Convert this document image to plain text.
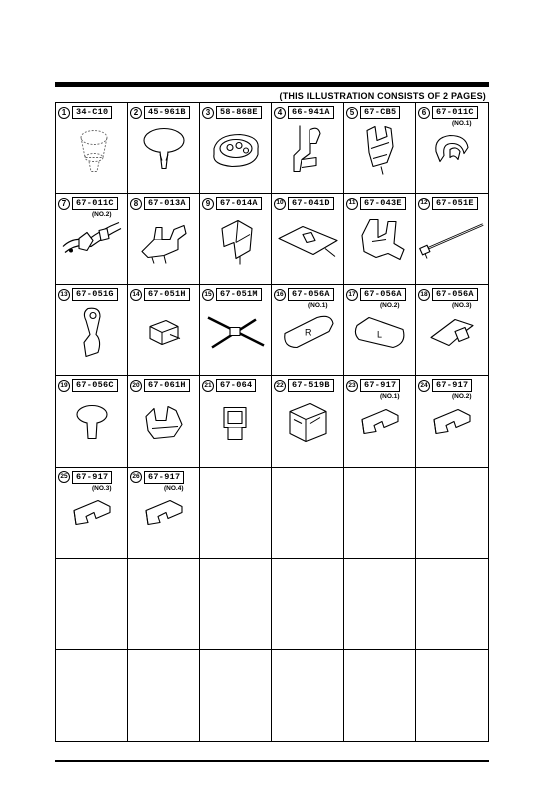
(THIS ILLUSTRATION CONSISTS OF 2 PAGES)
1	34-C10	2	45-961B	3	58-868E	4	66-941A	5	67-CB5	6	67-011C
(NO.1)
7	67-011C
(NO.2)
8	67-013A	9	67-014A	10 67-041D	11	67-043E	12 67-051E
13 67-051G	14 67-051H	15 67-051M	16 67-056A
(NO.1)
R
17 67-056A
(NO.2)
L
18 67-056A
(NO.3)
19 67-056C	20 67-061H	21 67-064	22 67-519B	23 67-917
(NO.1)
24 67-917
(NO.2)
25 67-917
(NO.3)
26 67-917
(NO.4)
